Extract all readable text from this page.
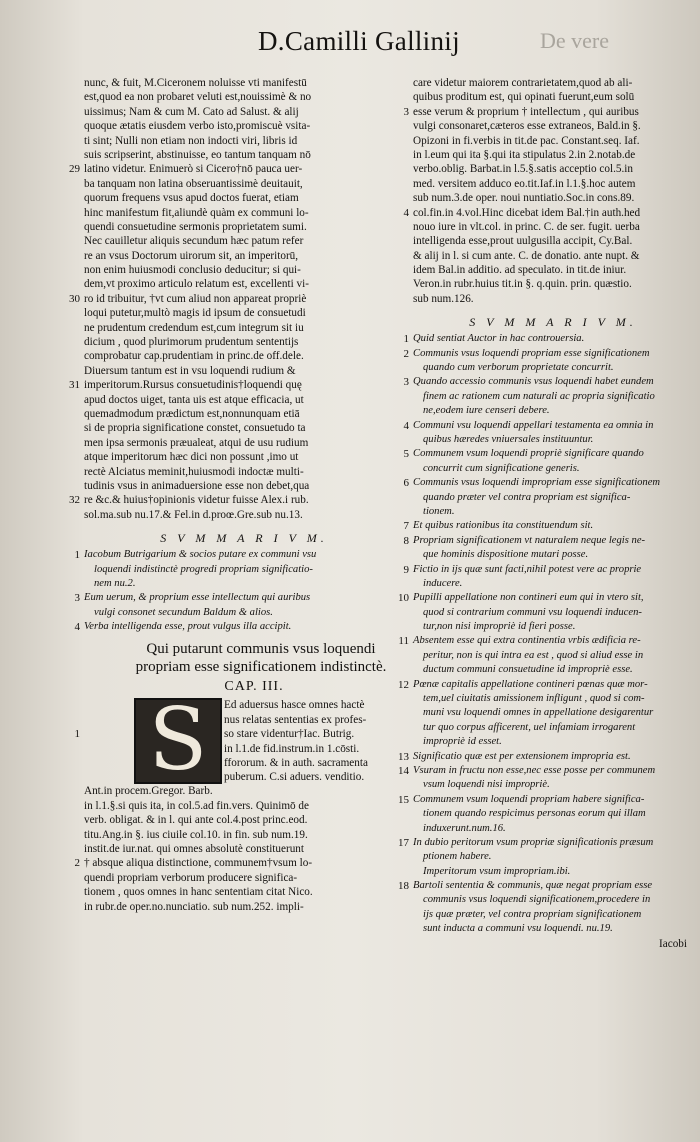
D.Camilli Gallinij	De vere
nunc, & fuit, M.Ciceronem noluisse vti manifestū
est,quod ea non probaret veluti est,nouissimè & no
uissimus; Nam & cum M. Cato ad Salust. & alij
quoque ætatis eiusdem verbo isto,promiscuè vsita-
ti sint; Nulli non etiam non indocti viri, libris id
suis scripserint, abstinuisse, eo tantum tanquam nō
29 latino videtur. Enimuerò si Cicero†nō pauca uer-
ba tanquam non latina obseruantissimè deuitauit,
quorum frequens vsus apud doctos fuerat, etiam
hinc manifestum fit,aliundè quàm ex communi lo-
quendi consuetudine sermonis proprietatem sumi.
Nec cauilletur aliquis secundum hæc patum refer
re an vsus Doctorum uirorum sit, an imperitorū,
non enim huiusmodi conclusio deducitur; si qui-
dem,vt proximo articulo relatum est, excellenti vi-
30 ro id tribuitur, †vt cum aliud non appareat propriè
loqui putetur,multò magis id ipsum de consuetudi
ne prudentum credendum est,cum integrum sit iu
dicium , quod plurimorum prudentum sententijs
comprobatur cap.prudentiam in princ.de off.dele.
Diuersum tantum est in vsu loquendi rudium &
31 imperitorum.Rursus consuetudinis†loquendi quę
apud doctos uiget, tanta uis est atque efficacia, ut
quemadmodum prædictum est,nonnunquam etiā
si de propria significatione constet, consuetudo ta
men ipsa sermonis præualeat, atqui de usu rudium
atque imperitorum hæc dici non possunt ,imo ut
rectè Alciatus meminit,huiusmodi indoctæ multi-
tudinis vsus in animaduersione esse non debet,qua
32 re &c.& huius†opinionis videtur fuisse Alex.i rub.
sol.ma.sub nu.17.& Fel.in d.proœ.Gre.sub nu.13.
S V M M A R I V M.
1 Iacobum Butrigarium & socios putare ex communi vsu
loquendi indistinctè progredi propriam significatio-
nem nu.2.
3 Eum uerum, & proprium esse intellectum qui auribus
vulgi consonet secundum Baldum & alios.
4 Verba intelligenda esse, prout vulgus illa accipit.
Qui putarunt communis vsus loquendi
propriam esse significationem indistinctè.
CAP. III.
S	Ed aduersus hasce omnes hactè
nus relatas sententias ex profes-
1	so stare videntur†Iac. Butrig.
in l.1.de fid.instrum.in 1.cōsti.
ffororum. & in auth. sacramenta
puberum. C.si aduers. venditio.
Ant.in procem.Gregor. Barb.
in l.1.§.si quis ita, in col.5.ad fin.vers. Quinimō de
verb. obligat. & in l. qui ante col.4.post princ.eod.
titu.Ang.in §. ius ciuile col.10. in fin. sub num.19.
instit.de iur.nat. qui omnes absolutè constituerunt
2 † absque aliqua distinctione, communem†vsum lo-
quendi propriam verborum producere significa-
tionem , quos omnes in hanc sententiam citat Nico.
in rubr.de oper.no.nunciatio. sub num.252. impli-
care videtur maiorem contrarietatem,quod ab ali-
quibus proditum est, qui opinati fuerunt,eum solū
3 esse verum & proprium † intellectum , qui auribus
vulgi consonaret,cæteros esse extraneos, Bald.in §.
Opizoni in fi.verbis in tit.de pac. Constant.seq. Iaf.
in l.eum qui ita §.qui ita stipulatus 2.in 2.notab.de
verbo.oblig. Barbat.in l.5.§.satis acceptio col.5.in
med. versitem adduco eo.tit.Iaf.in l.1.§.hoc autem
sub num.3.de oper. noui nuntiatio.Soc.in cons.89.
4 col.fin.in 4.vol.Hinc dicebat idem Bal.†in auth.hed
nouo iure in vlt.col. in princ. C. de ser. fugit. uerba
intelligenda esse,prout uulgusilla accipit, Cy.Bal.
& alij in l. si cum ante. C. de donatio. ante nupt. &
idem Bal.in additio. ad speculato. in tit.de iniur.
Veron.in rubr.huius tit.in §. q.quin. prin. quæstio.
sub num.126.
S V M M A R I V M.
1 Quid sentiat Auctor in hac controuersia.
2 Communis vsus loquendi propriam esse significationem
quando cum verborum proprietate concurrit.
3 Quando accessio communis vsus loquendi habet eundem
finem ac rationem cum naturali ac propria significatio
ne,eodem iure censeri debere.
4 Communi vsu loquendi appellari testamenta ea omnia in
quibus hæredes vniuersales instituuntur.
5 Communem vsum loquendi propriè significare quando
concurrit cum significatione generis.
6 Communis vsus loquendi impropriam esse significationem
quando præter vel contra propriam est significa-
tionem.
7 Et quibus rationibus ita constituendum sit.
8 Propriam significationem vt naturalem neque legis ne-
que hominis dispositione mutari posse.
9 Fictio in ijs quæ sunt facti,nihil potest vere ac proprie
inducere.
10 Pupilli appellatione non contineri eum qui in vtero sit,
quod si contrarium communi vsu loquendi inducen-
tur,non nisi impropriè id fieri posse.
11 Absentem esse qui extra continentia vrbis ædificia re-
peritur, non is qui intra ea est , quod si aliud esse in
ductum communi consuetudine id impropriè esse.
12 Pœnæ capitalis appellatione contineri pœnas quæ mor-
tem,uel ciuitatis amissionem infligunt , quod si com-
muni vsu loquendi omnes in appellatione desigarentur
tur quo corpus afficerent, uel infamiam irrogarent
impropriè id esset.
13 Significatio quæ est per extensionem impropria est.
14 Vsuram in fructu non esse,nec esse posse per communem
vsum loquendi nisi impropriè.
15 Communem vsum loquendi propriam habere significa-
tionem quando respicimus personas eorum qui illam
induxerunt.num.16.
17 In dubio peritorum vsum propriæ significationis præsum
ptionem habere.
Imperitorum vsum impropriam.ibi.
18 Bartoli sententia & communis, quæ negat propriam esse
communis vsus loquendi significationem,procedere in
ijs quæ præter, vel contra propriam significationem
sunt inducta a communi vsu loquendi. nu.19.
Iacobi
